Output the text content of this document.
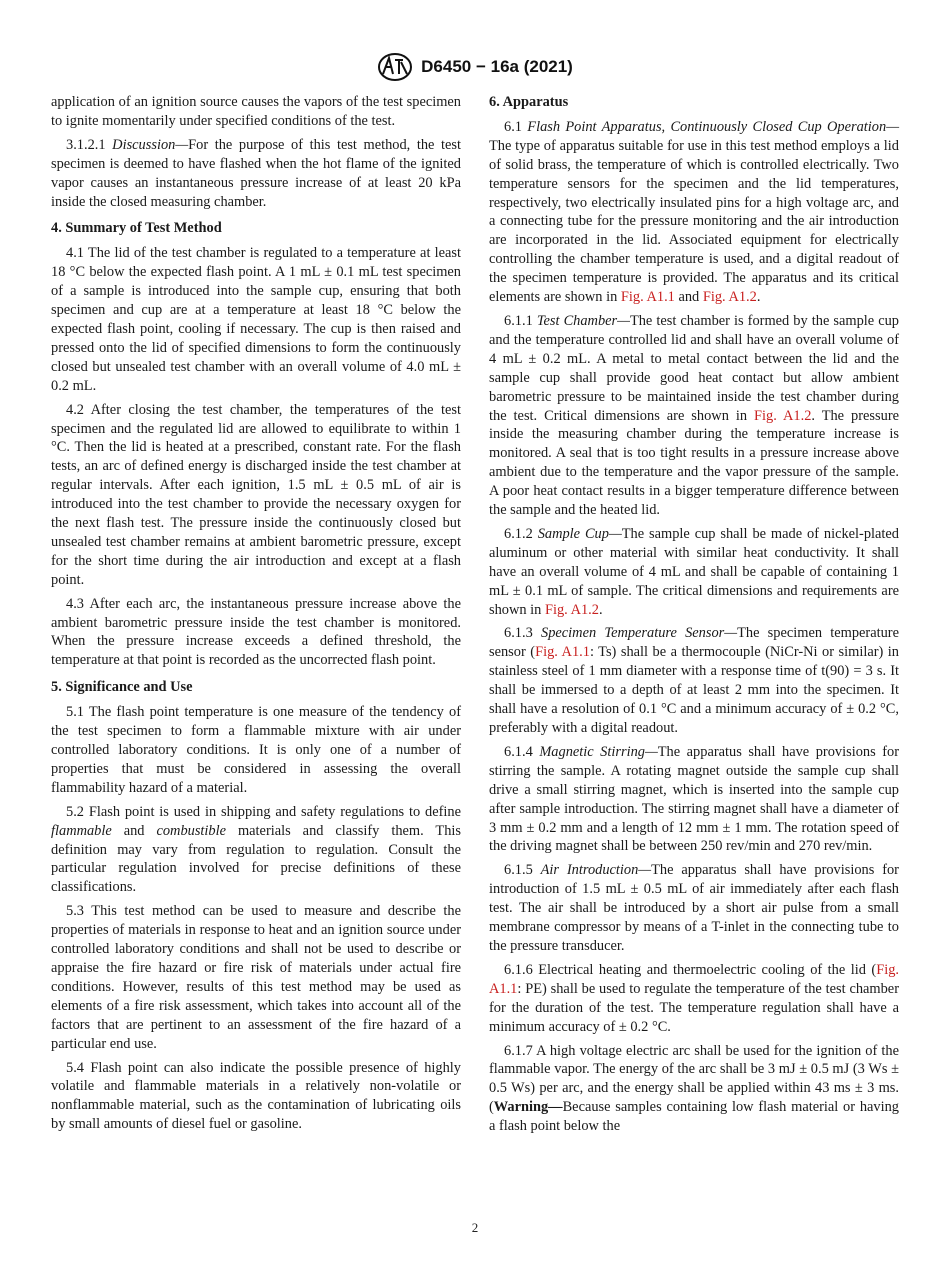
D6450 − 16a (2021)

application of an ignition source causes the vapors of the test specimen to ignite momentarily under specified conditions of the test.

3.1.2.1 Discussion—For the purpose of this test method, the test specimen is deemed to have flashed when the hot flame of the ignited vapor causes an instantaneous pressure increase of at least 20 kPa inside the closed measuring chamber.

4. Summary of Test Method

4.1 The lid of the test chamber is regulated to a temperature at least 18 °C below the expected flash point. A 1 mL ± 0.1 mL test specimen of a sample is introduced into the sample cup, ensuring that both specimen and cup are at a temperature at least 18 °C below the expected flash point, cooling if necessary. The cup is then raised and pressed onto the lid of specified dimensions to form the continuously closed but unsealed test chamber with an overall volume of 4.0 mL ± 0.2 mL.

4.2 After closing the test chamber, the temperatures of the test specimen and the regulated lid are allowed to equilibrate to within 1 °C. Then the lid is heated at a prescribed, constant rate. For the flash tests, an arc of defined energy is discharged inside the test chamber at regular intervals. After each ignition, 1.5 mL ± 0.5 mL of air is introduced into the test chamber to provide the necessary oxygen for the next flash test. The pressure inside the continuously closed but unsealed test chamber remains at ambient barometric pressure, except for the short time during the air introduction and except at a flash point.

4.3 After each arc, the instantaneous pressure increase above the ambient barometric pressure inside the test chamber is monitored. When the pressure increase exceeds a defined threshold, the temperature at that point is recorded as the uncorrected flash point.

5. Significance and Use

5.1 The flash point temperature is one measure of the tendency of the test specimen to form a flammable mixture with air under controlled laboratory conditions. It is only one of a number of properties that must be considered in assessing the overall flammability hazard of a material.

5.2 Flash point is used in shipping and safety regulations to define flammable and combustible materials and classify them. This definition may vary from regulation to regulation. Consult the particular regulation involved for precise definitions of these classifications.

5.3 This test method can be used to measure and describe the properties of materials in response to heat and an ignition source under controlled laboratory conditions and shall not be used to describe or appraise the fire hazard or fire risk of materials under actual fire conditions. However, results of this test method may be used as elements of a fire risk assessment, which takes into account all of the factors that are pertinent to an assessment of the fire hazard of a particular end use.

5.4 Flash point can also indicate the possible presence of highly volatile and flammable materials in a relatively non-volatile or nonflammable material, such as the contamination of lubricating oils by small amounts of diesel fuel or gasoline.

6. Apparatus

6.1 Flash Point Apparatus, Continuously Closed Cup Operation—The type of apparatus suitable for use in this test method employs a lid of solid brass, the temperature of which is controlled electrically. Two temperature sensors for the specimen and the lid temperatures, respectively, two electrically insulated pins for a high voltage arc, and a connecting tube for the pressure monitoring and the air introduction are incorporated in the lid. Associated equipment for electrically controlling the chamber temperature is used, and a digital readout of the specimen temperature is provided. The apparatus and its critical elements are shown in Fig. A1.1 and Fig. A1.2.

6.1.1 Test Chamber—The test chamber is formed by the sample cup and the temperature controlled lid and shall have an overall volume of 4 mL ± 0.2 mL. A metal to metal contact between the lid and the sample cup shall provide good heat contact but allow ambient barometric pressure to be maintained inside the test chamber during the test. Critical dimensions are shown in Fig. A1.2. The pressure inside the measuring chamber during the temperature increase is monitored. A seal that is too tight results in a pressure increase above ambient due to the temperature and the vapor pressure of the sample. A poor heat contact results in a bigger temperature difference between the sample and the heated lid.

6.1.2 Sample Cup—The sample cup shall be made of nickel-plated aluminum or other material with similar heat conductivity. It shall have an overall volume of 4 mL and shall be capable of containing 1 mL ± 0.1 mL of sample. The critical dimensions and requirements are shown in Fig. A1.2.

6.1.3 Specimen Temperature Sensor—The specimen temperature sensor (Fig. A1.1: Ts) shall be a thermocouple (NiCr-Ni or similar) in stainless steel of 1 mm diameter with a response time of t(90) = 3 s. It shall be immersed to a depth of at least 2 mm into the specimen. It shall have a resolution of 0.1 °C and a minimum accuracy of ± 0.2 °C, preferably with a digital readout.

6.1.4 Magnetic Stirring—The apparatus shall have provisions for stirring the sample. A rotating magnet outside the sample cup shall drive a small stirring magnet, which is inserted into the sample cup after sample introduction. The stirring magnet shall have a diameter of 3 mm ± 0.2 mm and a length of 12 mm ± 1 mm. The rotation speed of the driving magnet shall be between 250 rev/min and 270 rev/min.

6.1.5 Air Introduction—The apparatus shall have provisions for introduction of 1.5 mL ± 0.5 mL of air immediately after each flash test. The air shall be introduced by a short air pulse from a small membrane compressor by means of a T-inlet in the connecting tube to the pressure transducer.

6.1.6 Electrical heating and thermoelectric cooling of the lid (Fig. A1.1: PE) shall be used to regulate the temperature of the test chamber for the duration of the test. The temperature regulation shall have a minimum accuracy of ± 0.2 °C.

6.1.7 A high voltage electric arc shall be used for the ignition of the flammable vapor. The energy of the arc shall be 3 mJ ± 0.5 mJ (3 Ws ± 0.5 Ws) per arc, and the energy shall be applied within 43 ms ± 3 ms. (Warning—Because samples containing low flash material or having a flash point below the

2
